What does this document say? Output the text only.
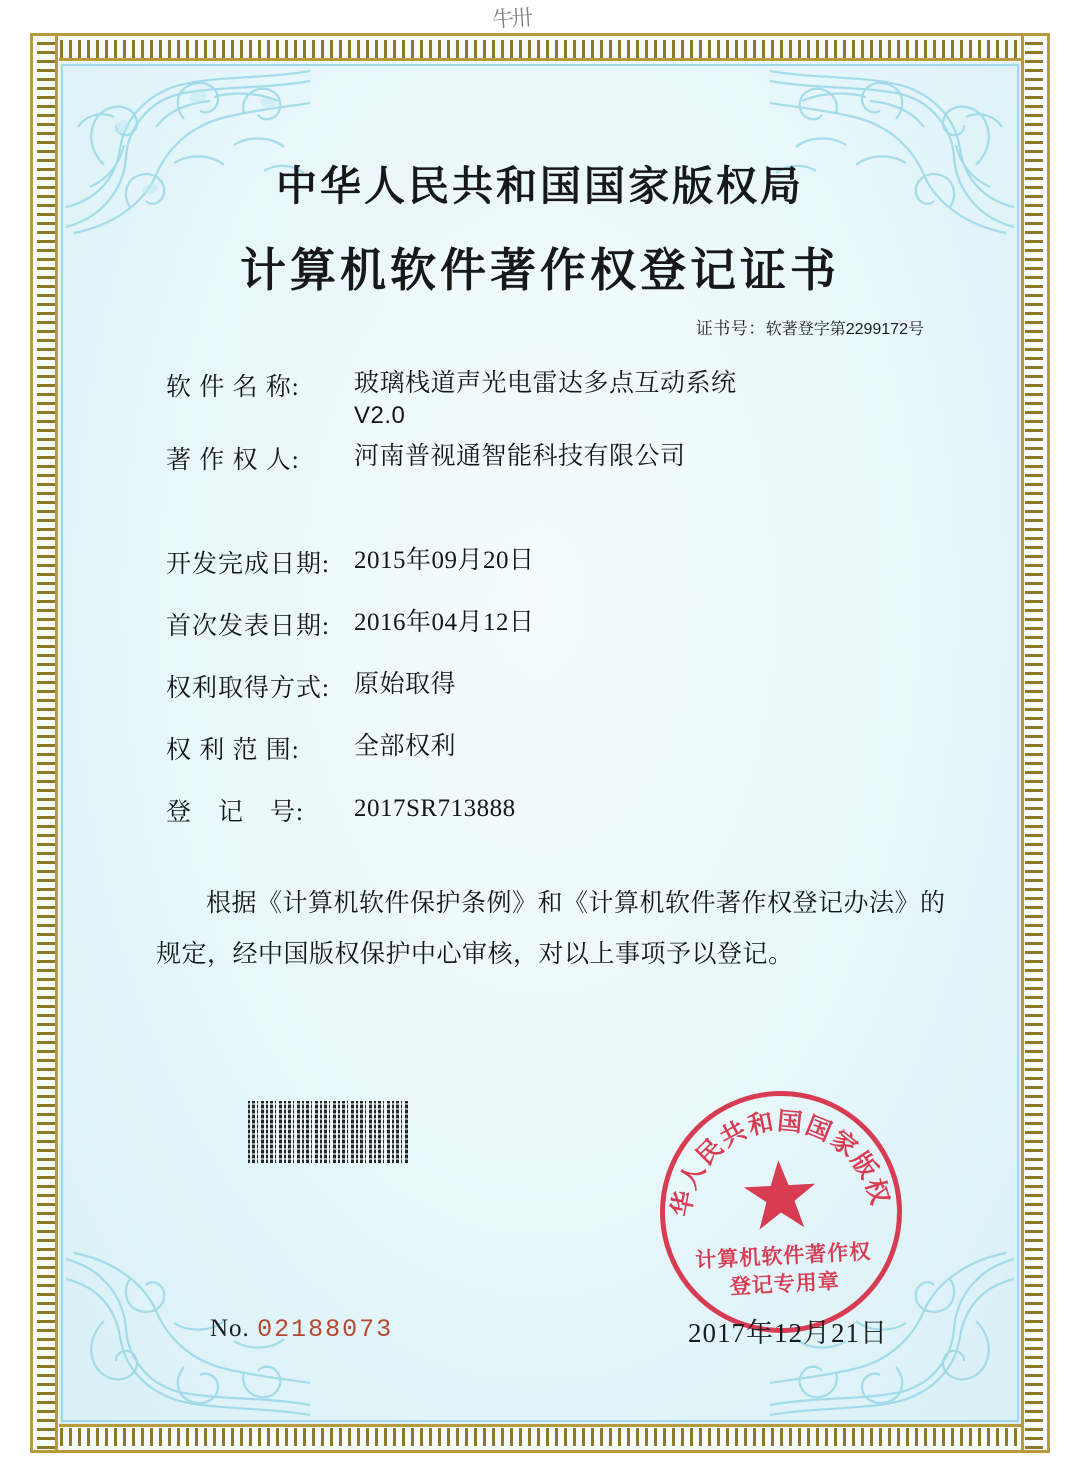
牛卅
中华人民共和国国家版权局
计算机软件著作权登记证书
证书号：软著登字第2299172号
软 件 名 称:	玻璃栈道声光电雷达多点互动系统
V2.0
著 作 权 人:	河南普视通智能科技有限公司
开发完成日期: 2015年09月20日
首次发表日期: 2016年04月12日
权利取得方式: 原始取得
权 利 范 围:	全部权利
登　记　号:	2017SR713888

根据《计算机软件保护条例》和《计算机软件著作权登记办法》的

规定，经中国版权保护中心审核，对以上事项予以登记。

中华人民共和国国家版权局
计算机软件著作权
登记专用章
No. 02188073	2017年12月21日
